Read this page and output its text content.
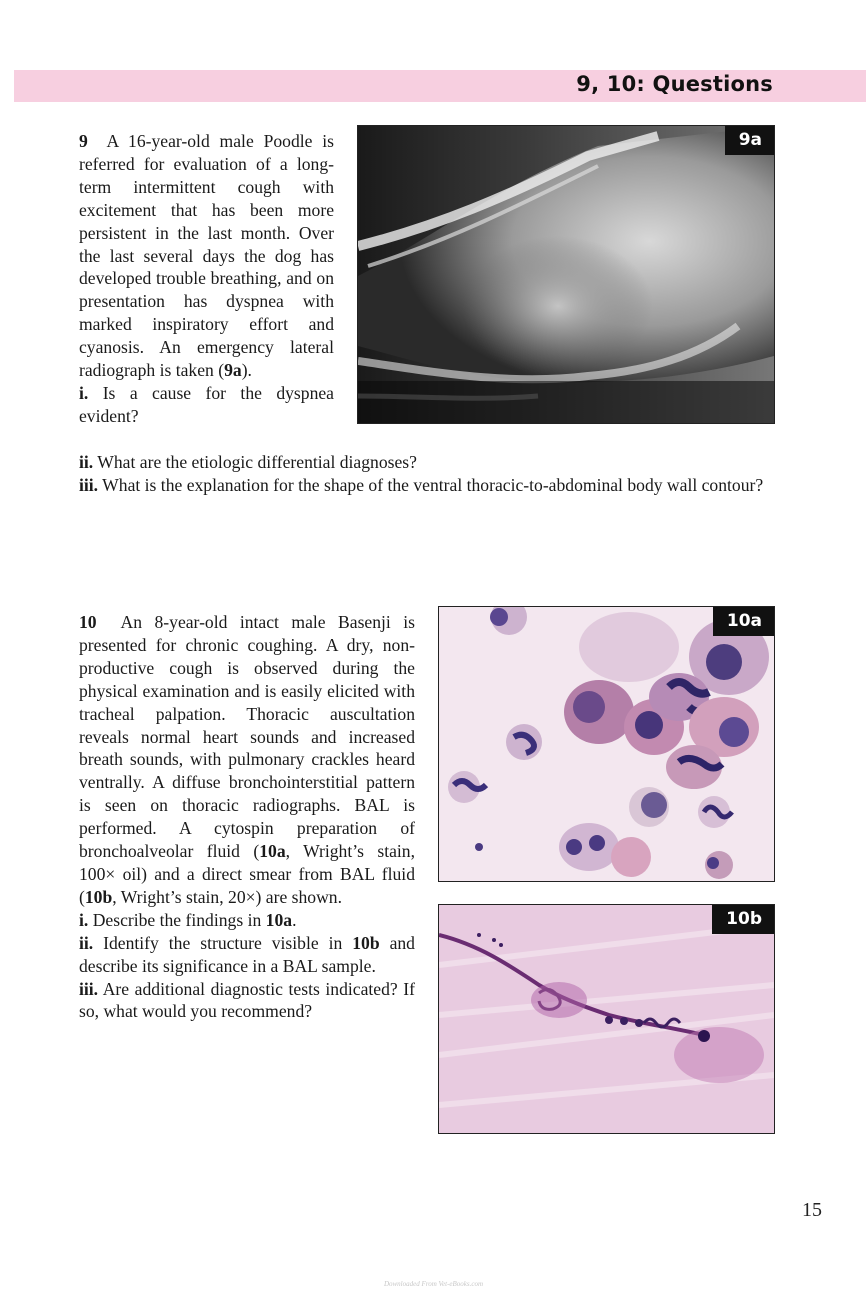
9, 10: Questions
9a

9 A 16-year-old male Poodle is referred for evaluation of a long-term intermittent cough with excitement that has been more persistent in the last month. Over the last several days the dog has developed trouble breathing, and on presentation has dyspnea with marked inspiratory effort and cyanosis. An emergency lateral radiograph is taken (9a).

i. Is a cause for the dyspnea evident?

ii. What are the etiologic differential diagnoses?

iii. What is the explanation for the shape of the ventral thoracic-to-abdominal body wall contour?

10a
10b

10 An 8-year-old intact male Basenji is presented for chronic coughing. A dry, non-productive cough is observed during the physical examination and is easily elicited with tracheal palpation. Thoracic auscultation reveals normal heart sounds and increased breath sounds, with pulmonary crackles heard ventrally. A diffuse bronchointerstitial pattern is seen on thoracic radiographs. BAL is performed. A cytospin preparation of bronchoalveolar fluid (10a, Wright’s stain, 100× oil) and a direct smear from BAL fluid (10b, Wright’s stain, 20×) are shown.

i. Describe the findings in 10a.

ii. Identify the structure visible in 10b and describe its significance in a BAL sample.

iii. Are additional diagnostic tests indicated? If so, what would you recommend?

15
Downloaded From Vet-eBooks.com
